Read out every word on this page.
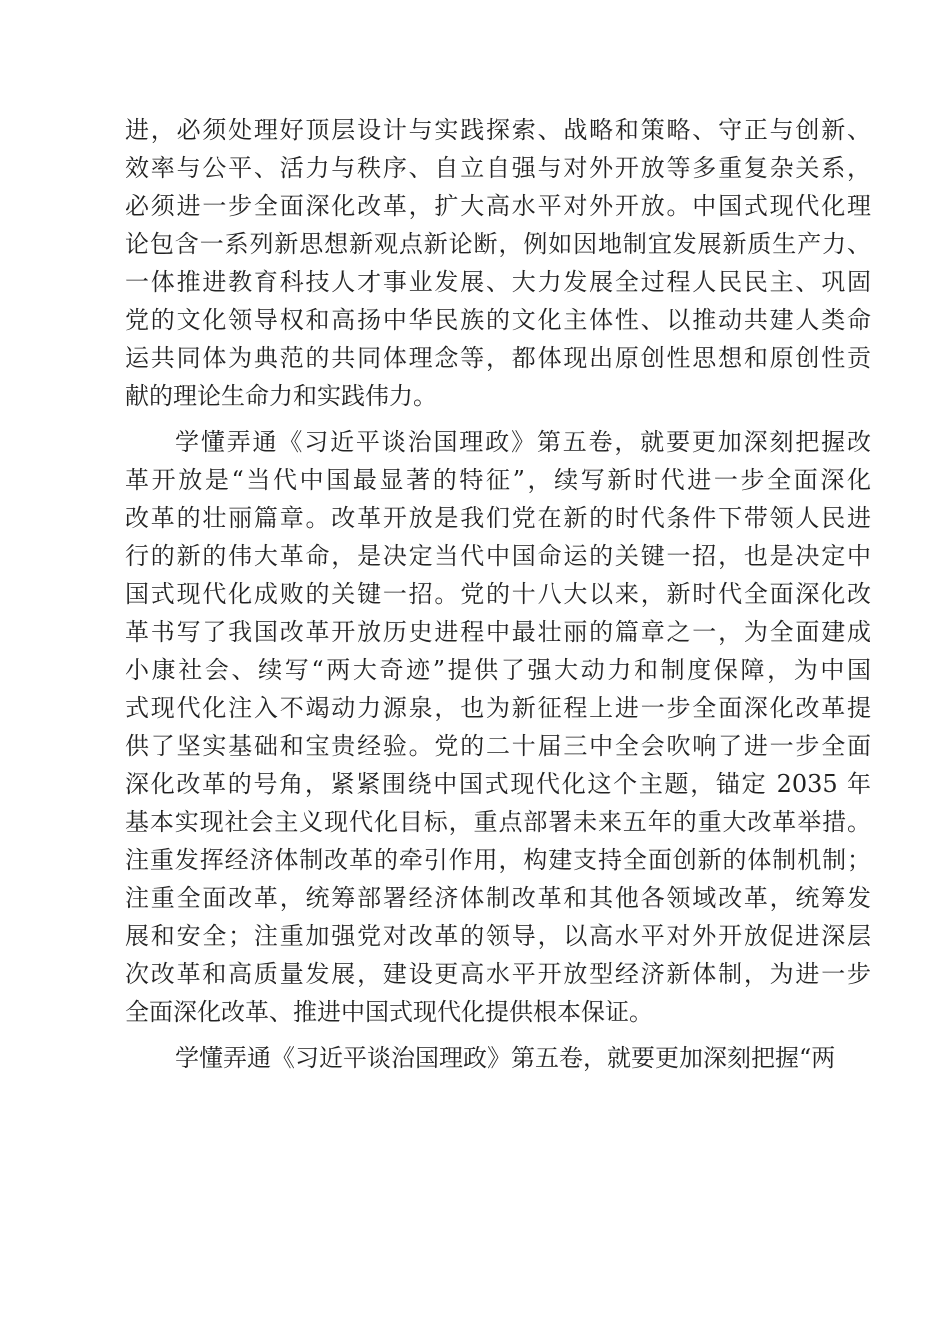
进，必须处理好顶层设计与实践探索、战略和策略、守正与创新、
效率与公平、活力与秩序、自立自强与对外开放等多重复杂关系，
必须进一步全面深化改革，扩大高水平对外开放。中国式现代化理
论包含一系列新思想新观点新论断，例如因地制宜发展新质生产力、
一体推进教育科技人才事业发展、大力发展全过程人民民主、巩固
党的文化领导权和高扬中华民族的文化主体性、以推动共建人类命
运共同体为典范的共同体理念等，都体现出原创性思想和原创性贡
献的理论生命力和实践伟力。
学懂弄通《习近平谈治国理政》第五卷，就要更加深刻把握改
革开放是“当代中国最显著的特征”，续写新时代进一步全面深化
改革的壮丽篇章。改革开放是我们党在新的时代条件下带领人民进
行的新的伟大革命，是决定当代中国命运的关键一招，也是决定中
国式现代化成败的关键一招。党的十八大以来，新时代全面深化改
革书写了我国改革开放历史进程中最壮丽的篇章之一，为全面建成
小康社会、续写“两大奇迹”提供了强大动力和制度保障，为中国
式现代化注入不竭动力源泉，也为新征程上进一步全面深化改革提
供了坚实基础和宝贵经验。党的二十届三中全会吹响了进一步全面
深化改革的号角，紧紧围绕中国式现代化这个主题，锚定 2035 年
基本实现社会主义现代化目标，重点部署未来五年的重大改革举措。
注重发挥经济体制改革的牵引作用，构建支持全面创新的体制机制；
注重全面改革，统筹部署经济体制改革和其他各领域改革，统筹发
展和安全；注重加强党对改革的领导，以高水平对外开放促进深层
次改革和高质量发展，建设更高水平开放型经济新体制，为进一步
全面深化改革、推进中国式现代化提供根本保证。
学懂弄通《习近平谈治国理政》第五卷，就要更加深刻把握“两
